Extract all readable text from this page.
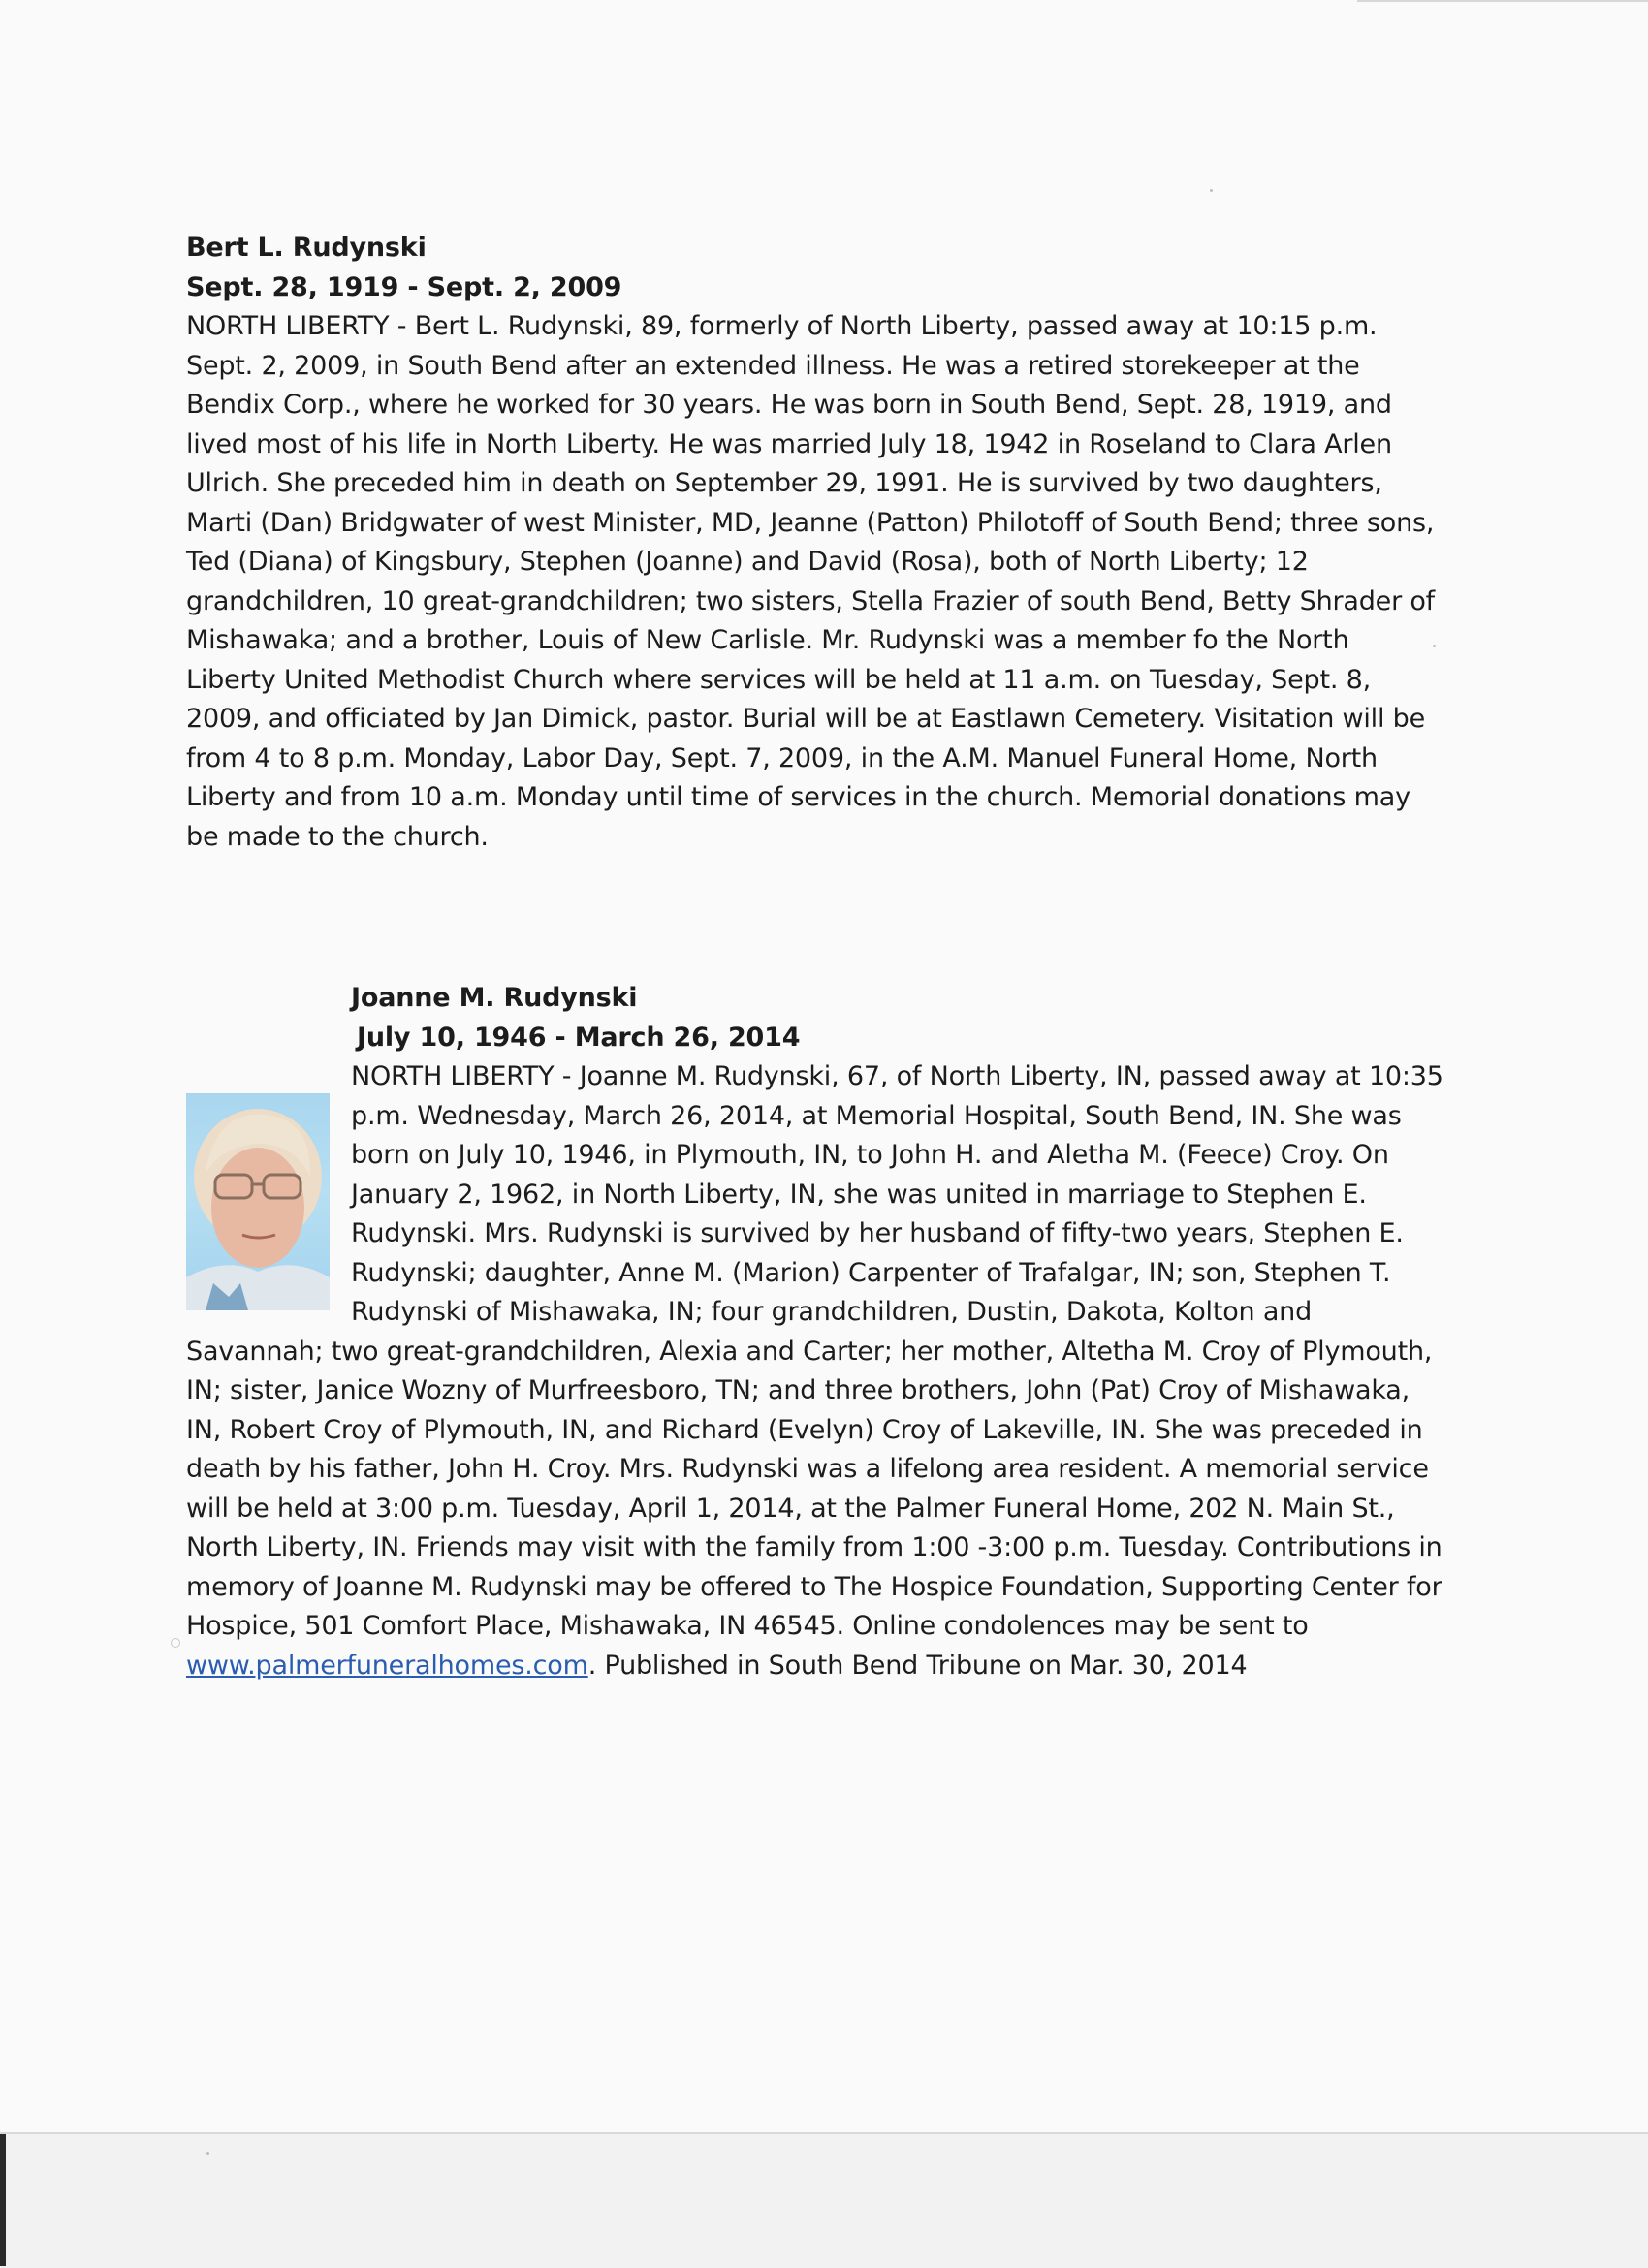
Bert L. Rudynski

Sept. 28, 1919 - Sept. 2, 2009

NORTH LIBERTY - Bert L. Rudynski, 89, formerly of North Liberty, passed away at 10:15 p.m. Sept. 2, 2009, in South Bend after an extended illness. He was a retired storekeeper at the Bendix Corp., where he worked for 30 years. He was born in South Bend, Sept. 28, 1919, and lived most of his life in North Liberty. He was married July 18, 1942 in Roseland to Clara Arlen Ulrich. She preceded him in death on September 29, 1991. He is survived by two daughters, Marti (Dan) Bridgwater of west Minister, MD, Jeanne (Patton) Philotoff of South Bend; three sons, Ted (Diana) of Kingsbury, Stephen (Joanne) and David (Rosa), both of North Liberty; 12 grandchildren, 10 great-grandchildren; two sisters, Stella Frazier of south Bend, Betty Shrader of Mishawaka; and a brother, Louis of New Carlisle. Mr. Rudynski was a member fo the North Liberty United Methodist Church where services will be held at 11 a.m. on Tuesday, Sept. 8, 2009, and officiated by Jan Dimick, pastor. Burial will be at Eastlawn Cemetery. Visitation will be from 4 to 8 p.m. Monday, Labor Day, Sept. 7, 2009, in the A.M. Manuel Funeral Home, North Liberty and from 10 a.m. Monday until time of services in the church. Memorial donations may be made to the church.

Joanne M. Rudynski

July 10, 1946 - March 26, 2014

NORTH LIBERTY - Joanne M. Rudynski, 67, of North Liberty, IN, passed away at 10:35 p.m. Wednesday, March 26, 2014, at Memorial Hospital, South Bend, IN. She was born on July 10, 1946, in Plymouth, IN, to John H. and Aletha M. (Feece) Croy. On January 2, 1962, in North Liberty, IN, she was united in marriage to Stephen E. Rudynski. Mrs. Rudynski is survived by her husband of fifty-two years, Stephen E. Rudynski; daughter, Anne M. (Marion) Carpenter of Trafalgar, IN; son, Stephen T. Rudynski of Mishawaka, IN; four grandchildren, Dustin, Dakota, Kolton and Savannah; two great-grandchildren, Alexia and Carter; her mother, Altetha M. Croy of Plymouth, IN; sister, Janice Wozny of Murfreesboro, TN; and three brothers, John (Pat) Croy of Mishawaka, IN, Robert Croy of Plymouth, IN, and Richard (Evelyn) Croy of Lakeville, IN. She was preceded in death by his father, John H. Croy. Mrs. Rudynski was a lifelong area resident. A memorial service will be held at 3:00 p.m. Tuesday, April 1, 2014, at the Palmer Funeral Home, 202 N. Main St., North Liberty, IN. Friends may visit with the family from 1:00 -3:00 p.m. Tuesday. Contributions in memory of Joanne M. Rudynski may be offered to The Hospice Foundation, Supporting Center for Hospice, 501 Comfort Place, Mishawaka, IN 46545. Online condolences may be sent to www.palmerfuneralhomes.com. Published in South Bend Tribune on Mar. 30, 2014
